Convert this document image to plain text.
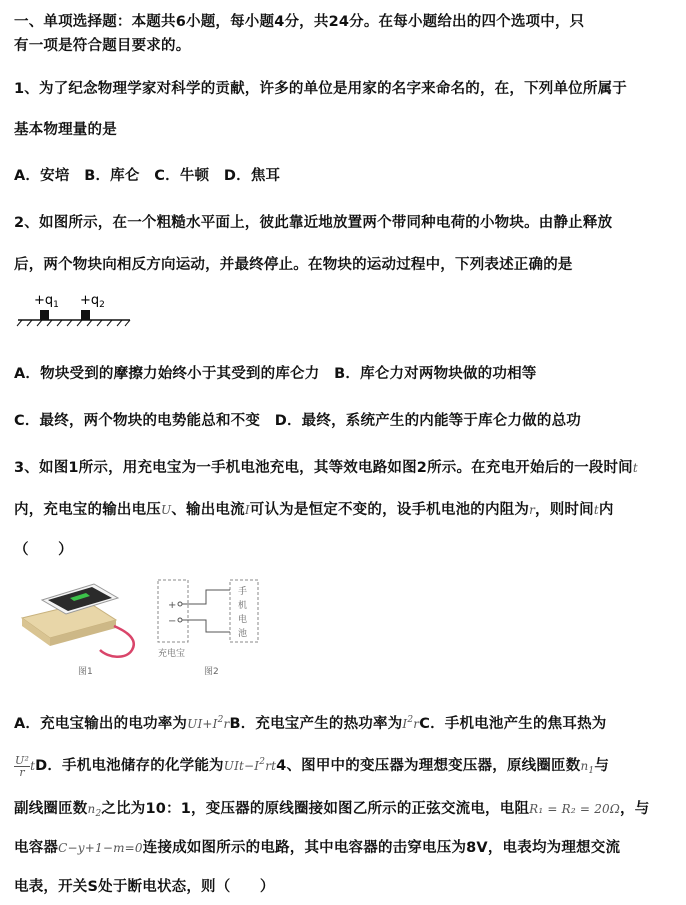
一、单项选择题：本题共6小题，每小题4分，共24分。在每小题给出的四个选项中，只
有一项是符合题目要求的。
1、为了纪念物理学家对科学的贡献，许多的单位是用家的名字来命名的，在，下列单位所属于
基本物理量的是
A．安培　B．库仑　C．牛顿　D．焦耳
2、如图所示，在一个粗糙水平面上，彼此靠近地放置两个带同种电荷的小物块。由静止释放
后，两个物块向相反方向运动，并最终停止。在物块的运动过程中，下列表述正确的是
$+q_1 +q_2$
A．物块受到的摩擦力始终小于其受到的库仑力　B．库仑力对两物块做的功相等
C．最终，两个物块的电势能总和不变　D．最终，系统产生的内能等于库仑力做的总功
3、如图1所示，用充电宝为一手机电池充电，其等效电路如图2所示。在充电开始后的一段时间t
内，充电宝的输出电压U、输出电流I可认为是恒定不变的，设手机电池的内阻为r，则时间t内
（　　）
图1
+
−
手
机
电
池
充电宝
图2
A．充电宝输出的电功率为$UI+I^2rB$．充电宝产生的热功率为$I^2rC$．手机电池产生的焦耳热为
$\frac{\text{U²}}{r}$ tD．手机电池储存的化学能为$UIt-I^2rt4$、图甲中的变压器为理想变压器，原线圈匝数$n_1$与
副线圈匝数$n_2$之比为10：1，变压器的原线圈接如图乙所示的正弦交流电，电阻R₁ = R₂ = 20Ω，与
电容器C−y+1−m=0连接成如图所示的电路，其中电容器的击穿电压为8V，电表均为理想交流
电表，开关S处于断电状态，则（　　）
